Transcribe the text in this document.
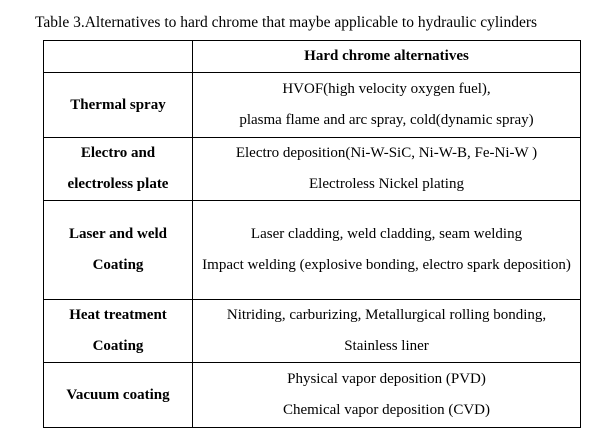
Table 3.Alternatives to hard chrome that maybe applicable to hydraulic cylinders
	Hard chrome alternatives

Thermal spray	HVOF(high velocity oxygen fuel),
plasma flame and arc spray, cold(dynamic spray)

Electro and
electroless plate	Electro deposition(Ni-W-SiC, Ni-W-B, Fe-Ni-W )
Electroless Nickel plating

Laser and weld
Coating	Laser cladding, weld cladding, seam welding
Impact welding (explosive bonding, electro spark deposition)

Heat treatment
Coating	Nitriding, carburizing, Metallurgical rolling bonding,
Stainless liner

Vacuum coating	Physical vapor deposition (PVD)
Chemical vapor deposition (CVD)
